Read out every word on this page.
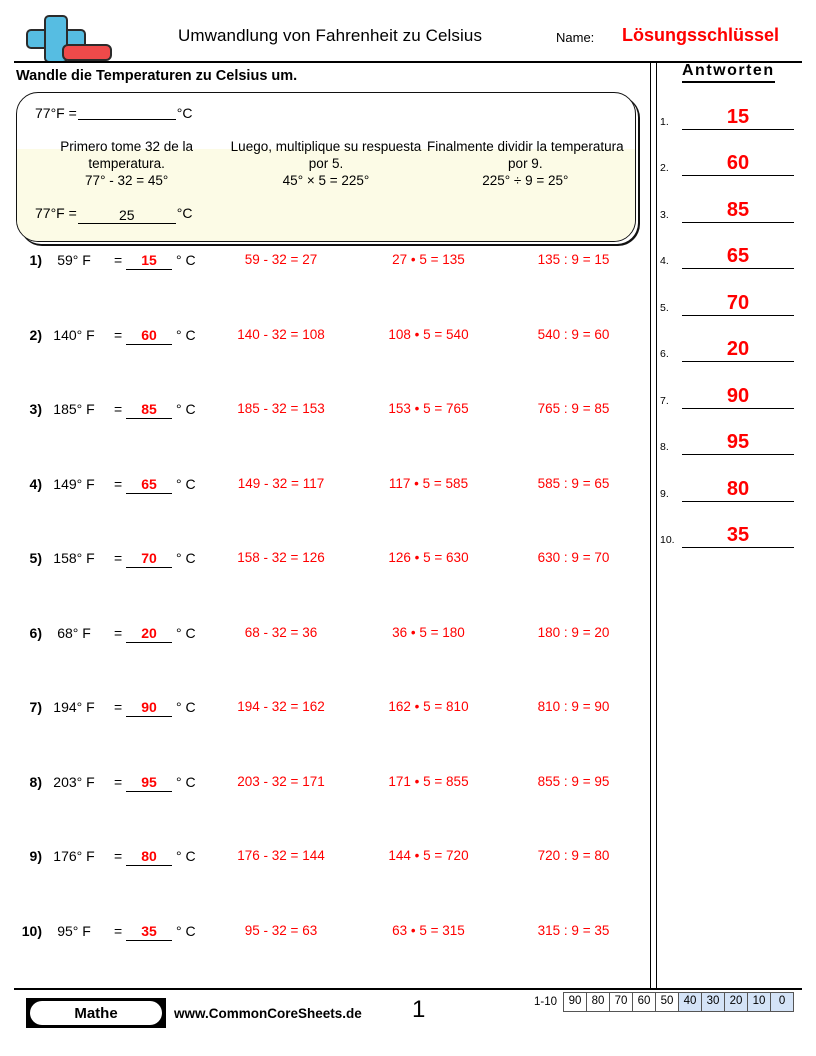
Umwandlung von Fahrenheit zu Celsius	Name: Lösungsschlüssel
Wandle die Temperaturen zu Celsius um.
77°F =	°C
Primero tome 32 de la temperatura.
77° - 32 = 45°
Luego, multiplique su respuesta por 5.
45° × 5 = 225°
Finalmente dividir la temperatura por 9.
225° ÷ 9 = 25°
77°F =	25	°C
1)	59° F	=	15	° C	59 - 32 = 27	27 • 5 = 135	135 : 9 = 15
2) 140° F	=	60	° C	140 - 32 = 108	108 • 5 = 540	540 : 9 = 60
3) 185° F	=	85	° C	185 - 32 = 153	153 • 5 = 765	765 : 9 = 85
4) 149° F	=	65	° C	149 - 32 = 117	117 • 5 = 585	585 : 9 = 65
5) 158° F	=	70	° C	158 - 32 = 126	126 • 5 = 630	630 : 9 = 70
6)	68° F	=	20	° C	68 - 32 = 36	36 • 5 = 180	180 : 9 = 20
7) 194° F	=	90	° C	194 - 32 = 162	162 • 5 = 810	810 : 9 = 90
8) 203° F	=	95	° C	203 - 32 = 171	171 • 5 = 855	855 : 9 = 95
9) 176° F	=	80	° C	176 - 32 = 144	144 • 5 = 720	720 : 9 = 80
10)	95° F	=	35	° C	95 - 32 = 63	63 • 5 = 315	315 : 9 = 35
Antworten
1.	15
2.	60
3.	85
4.	65
5.	70
6.	20
7.	90
8.	95
9.	80
10.	35
Mathe	www.CommonCoreSheets.de 1	1-10	90 80 70 60 50 40 30 20 10	0
